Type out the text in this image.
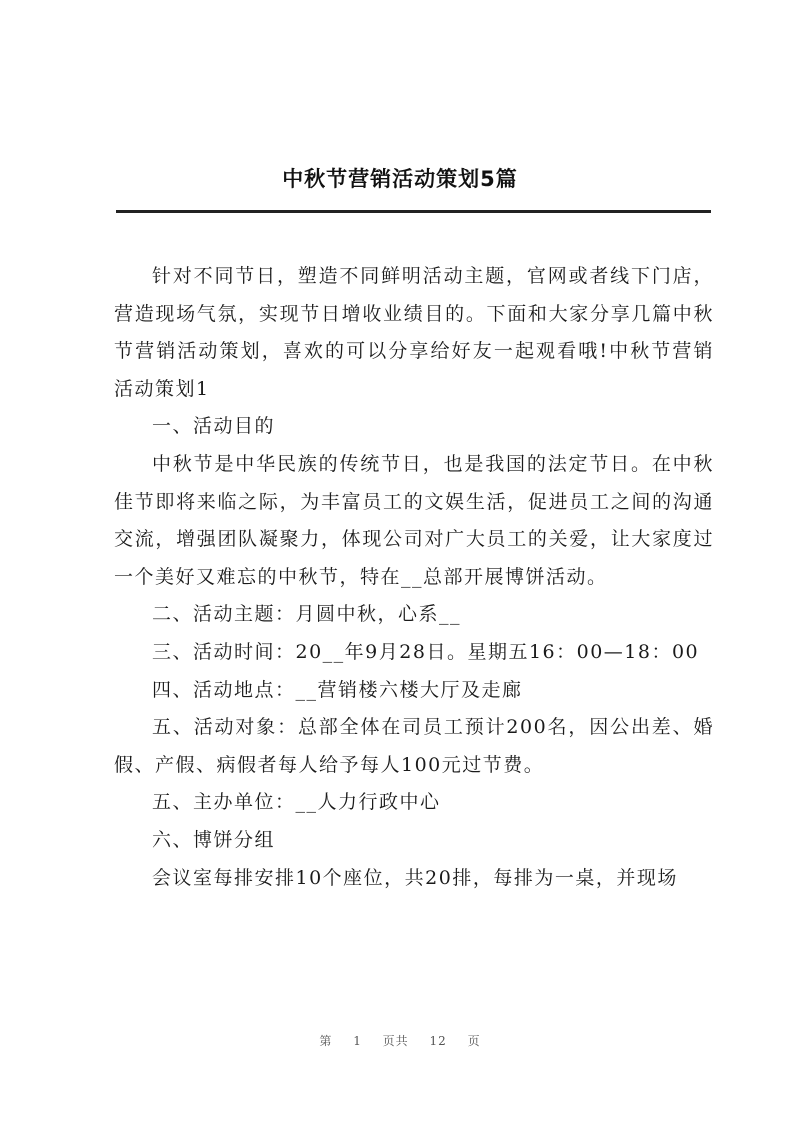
中秋节营销活动策划5篇

针对不同节日，塑造不同鲜明活动主题，官网或者线下门店，营造现场气氛，实现节日增收业绩目的。下面和大家分享几篇中秋节营销活动策划，喜欢的可以分享给好友一起观看哦!中秋节营销活动策划1

一、活动目的

中秋节是中华民族的传统节日，也是我国的法定节日。在中秋佳节即将来临之际，为丰富员工的文娱生活，促进员工之间的沟通交流，增强团队凝聚力，体现公司对广大员工的关爱，让大家度过一个美好又难忘的中秋节，特在__总部开展博饼活动。

二、活动主题：月圆中秋，心系__

三、活动时间：20__年9月28日。星期五16：00—18：00

四、活动地点：__营销楼六楼大厅及走廊

五、活动对象：总部全体在司员工预计200名，因公出差、婚假、产假、病假者每人给予每人100元过节费。

五、主办单位：__人力行政中心

六、博饼分组

会议室每排安排10个座位，共20排，每排为一桌，并现场

第 1 页共 12 页
